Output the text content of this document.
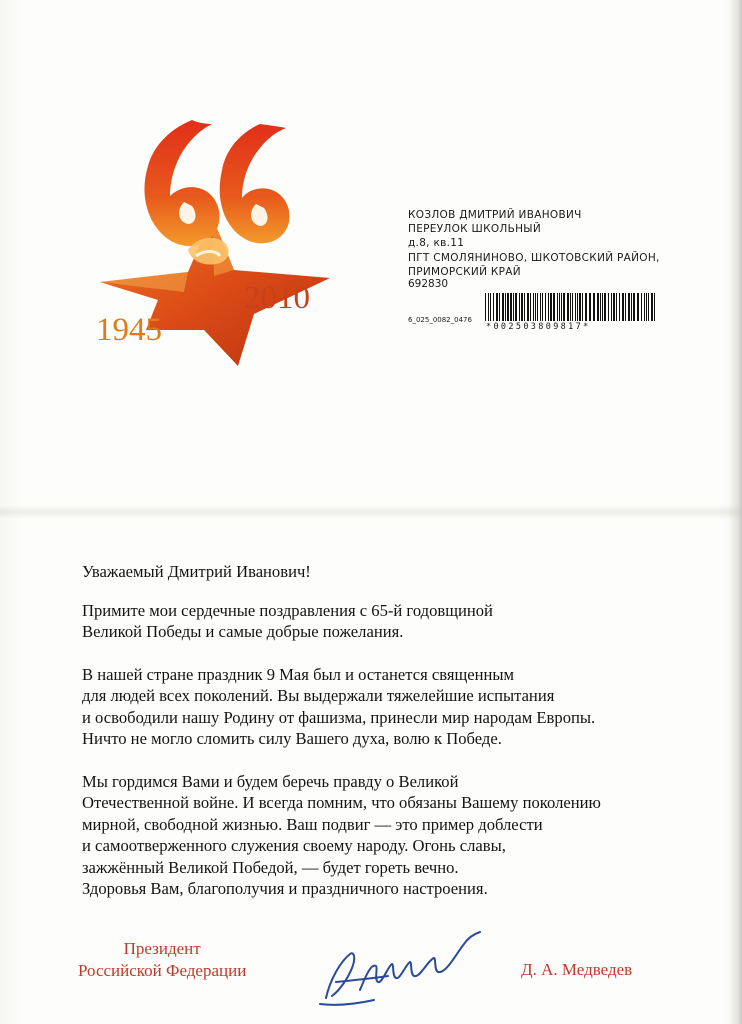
1945
2010
КОЗЛОВ ДМИТРИЙ ИВАНОВИЧ
ПЕРЕУЛОК ШКОЛЬНЫЙ
д.8, кв.11
ПГТ СМОЛЯНИНОВО, ШКОТОВСКИЙ РАЙОН,
ПРИМОРСКИЙ КРАЙ
692830
6_025_0082_0476
*002503809817*

Уважаемый Дмитрий Иванович!

Примите мои сердечные поздравления с 65-й годовщиной

Великой Победы и самые добрые пожелания.

В нашей стране праздник 9 Мая был и останется священным

для людей всех поколений. Вы выдержали тяжелейшие испытания

и освободили нашу Родину от фашизма, принесли мир народам Европы.

Ничто не могло сломить силу Вашего духа, волю к Победе.

Мы гордимся Вами и будем беречь правду о Великой

Отечественной войне. И всегда помним, что обязаны Вашему поколению

мирной, свободной жизнью. Ваш подвиг — это пример доблести

и самоотверженного служения своему народу. Огонь славы,

зажжённый Великой Победой, — будет гореть вечно.

Здоровья Вам, благополучия и праздничного настроения.

Президент
Российской Федерации	Д. А. Медведев
